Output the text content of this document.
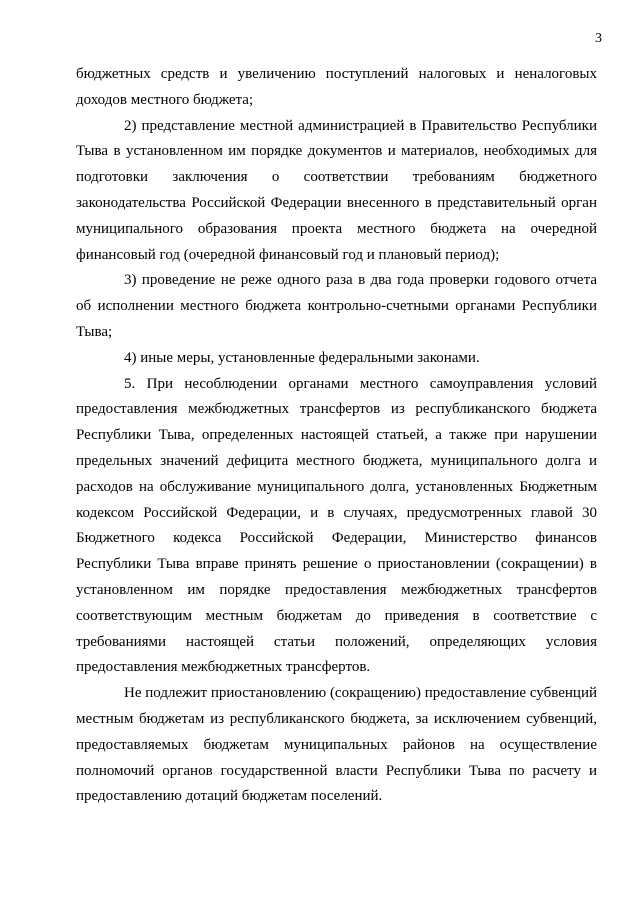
3

бюджетных средств и увеличению поступлений налоговых и неналоговых доходов местного бюджета;

2) представление местной администрацией в Правительство Республики Тыва в установленном им порядке документов и материалов, необходимых для подготовки заключения о соответствии требованиям бюджетного законодательства Российской Федерации внесенного в представительный орган муниципального образования проекта местного бюджета на очередной финансовый год (очередной финансовый год и плановый период);

3) проведение не реже одного раза в два года проверки годового отчета об исполнении местного бюджета контрольно-счетными органами Республики Тыва;

4) иные меры, установленные федеральными законами.

5. При несоблюдении органами местного самоуправления условий предоставления межбюджетных трансфертов из республиканского бюджета Республики Тыва, определенных настоящей статьей, а также при нарушении предельных значений дефицита местного бюджета, муниципального долга и расходов на обслуживание муниципального долга, установленных Бюджетным кодексом Российской Федерации, и в случаях, предусмотренных главой 30 Бюджетного кодекса Российской Федерации, Министерство финансов Республики Тыва вправе принять решение о приостановлении (сокращении) в установленном им порядке предоставления межбюджетных трансфертов соответствующим местным бюджетам до приведения в соответствие с требованиями настоящей статьи положений, определяющих условия предоставления межбюджетных трансфертов.

Не подлежит приостановлению (сокращению) предоставление субвенций местным бюджетам из республиканского бюджета, за исключением субвенций, предоставляемых бюджетам муниципальных районов на осуществление полномочий органов государственной власти Республики Тыва по расчету и предоставлению дотаций бюджетам поселений.
